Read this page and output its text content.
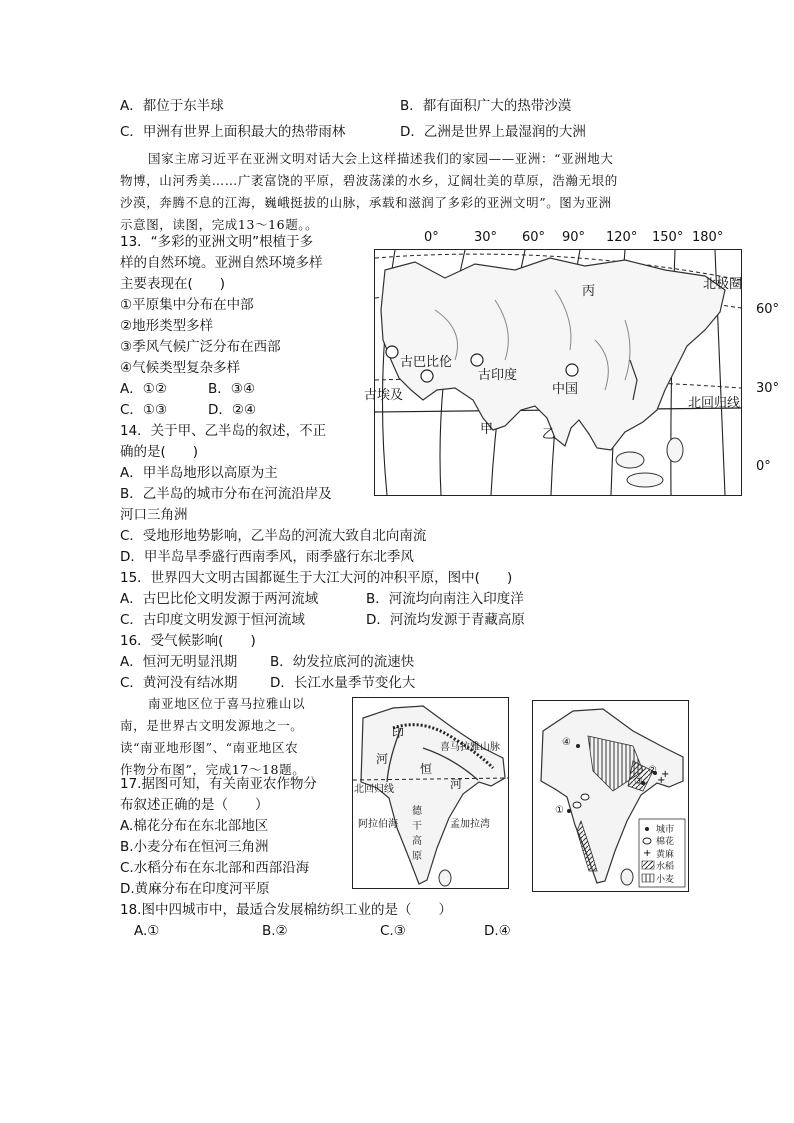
A．都位于东半球	B．都有面积广大的热带沙漠
C．甲洲有世界上面积最大的热带雨林	D．乙洲是世界上最湿润的大洲
国家主席习近平在亚洲文明对话大会上这样描述我们的家园——亚洲：“亚洲地大
物博，山河秀美……广袤富饶的平原，碧波荡漾的水乡，辽阔壮美的草原，浩瀚无垠的
沙漠，奔腾不息的江海，巍峨挺拔的山脉，承载和滋润了多彩的亚洲文明”。图为亚洲
示意图，读图，完成13～16题。。
13．“多彩的亚洲文明”根植于多
样的自然环境。亚洲自然环境多样
主要表现在(　　)
①平原集中分布在中部
②地形类型多样
③季风气候广泛分布在西部
④气候类型复杂多样
A．①②	B．③④
C．①③	D．②④
14．关于甲、乙半岛的叙述，不正
确的是(　　)
A．甲半岛地形以高原为主
B．乙半岛的城市分布在河流沿岸及
河口三角洲
C．受地形地势影响，乙半岛的河流大致自北向南流
D．甲半岛旱季盛行西南季风，雨季盛行东北季风
15．世界四大文明古国都诞生于大江大河的冲积平原，图中(　　)
A．古巴比伦文明发源于两河流域	B．河流均向南注入印度洋
C．古印度文明发源于恒河流域	D．河流均发源于青藏高原
16．受气候影响(　　)
A．恒河无明显汛期 B．幼发拉底河的流速快
C．黄河没有结冰期 D．长江水量季节变化大
南亚地区位于喜马拉雅山以
南，是世界古文明发源地之一。
读“南亚地形图”、“南亚地区农
作物分布图”，完成17～18题。
17.据图可知，有关南亚农作物分
布叙述正确的是（　　）
A.棉花分布在东北部地区
B.小麦分布在恒河三角洲
C.水稻分布在东北部和西部沿海
D.黄麻分布在印度河平原
18.图中四城市中，最适合发展棉纺织工业的是（　　）
A.①	B.②	C.③	D.④
0°	30° 60° 90° 120° 150° 180°
60°
30°
0°
北极圈
北回归线
丙
甲	乙
古巴比伦
古埃及
古印度
中国
印
河
恒
河
喜马拉雅山脉
北回归线
德干高原
阿拉伯海	孟加拉湾
+
+
+
④
①
③
②
城市
棉花
黄麻
水稻
小麦
